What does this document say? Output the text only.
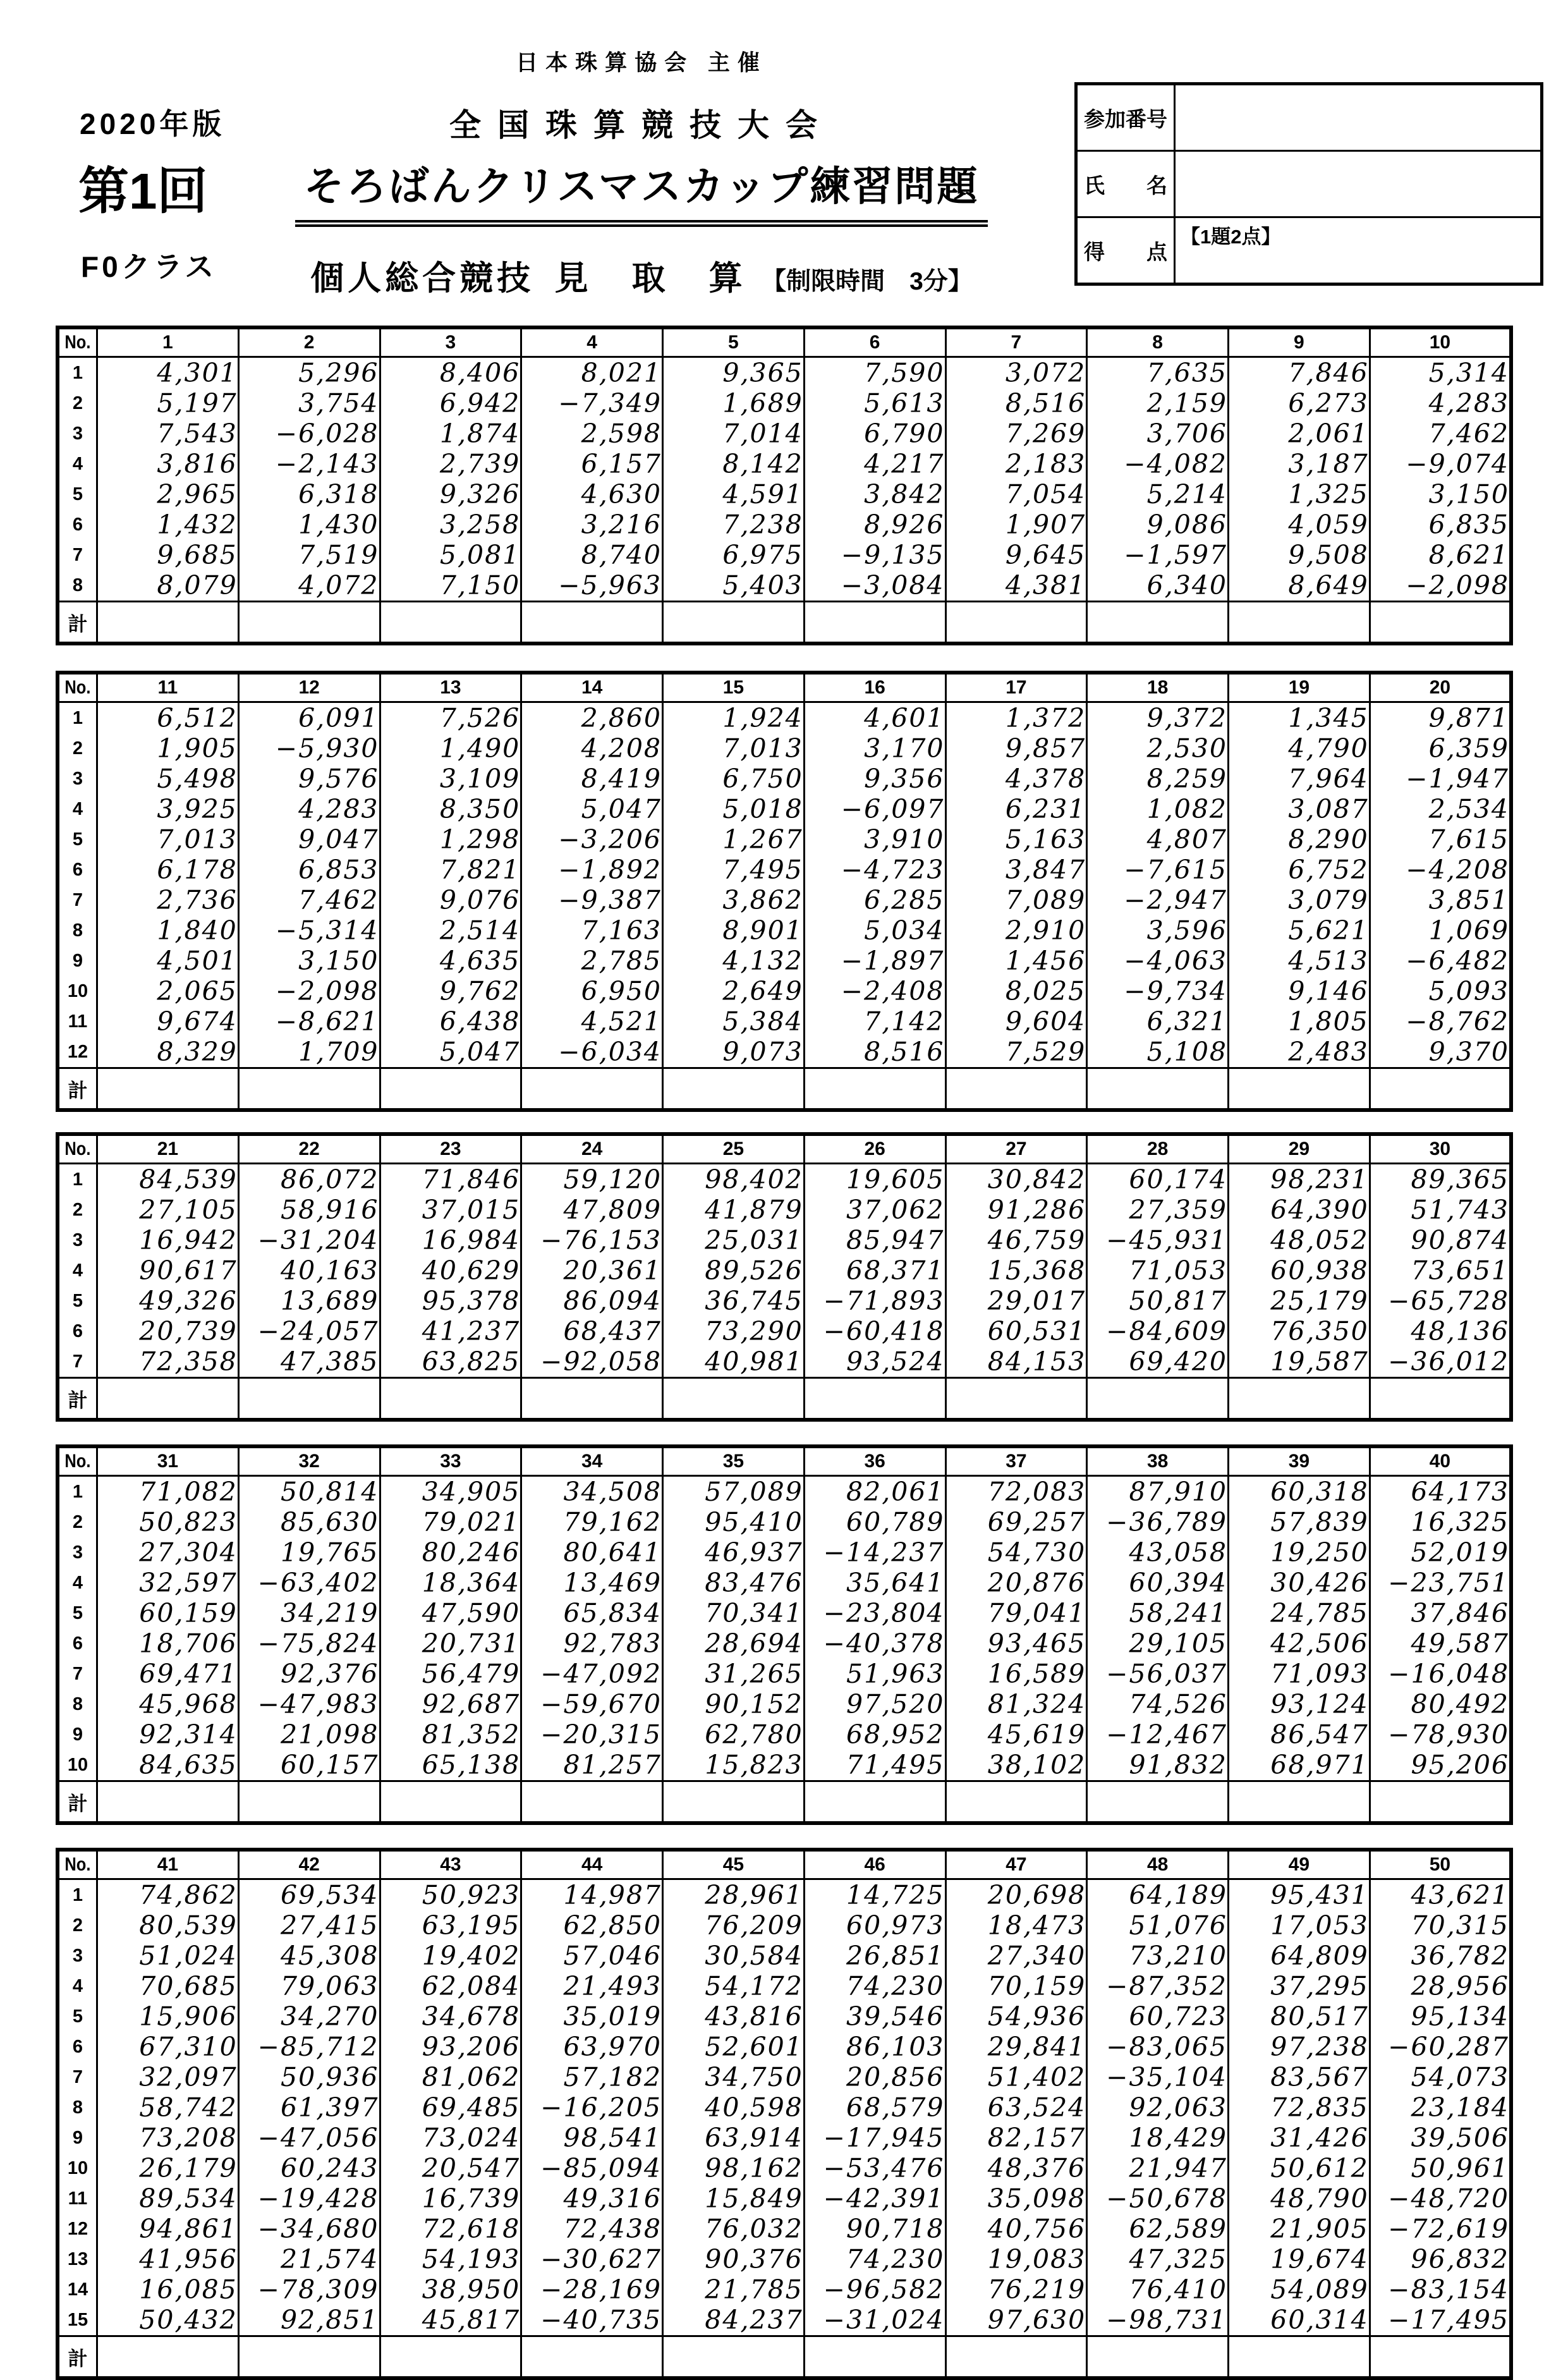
日本珠算協会 主催
2020年版	全国珠算競技大会
第1回	そろばんクリスマスカップ練習問題
F0クラス	個人総合競技 見　取　算 【制限時間　3分】
参加番号
氏　　名
得　　点
【1題2点】
No.	1	2	3	4	5	6	7	8	9	10
1	4,301	5,296	8,406	8,021	9,365	7,590	3,072	7,635	7,846	5,314
2	5,197	3,754	6,942	−7,349	1,689	5,613	8,516	2,159	6,273	4,283
3	7,543	−6,028	1,874	2,598	7,014	6,790	7,269	3,706	2,061	7,462
4	3,816	−2,143	2,739	6,157	8,142	4,217	2,183	−4,082	3,187	−9,074
5	2,965	6,318	9,326	4,630	4,591	3,842	7,054	5,214	1,325	3,150
6	1,432	1,430	3,258	3,216	7,238	8,926	1,907	9,086	4,059	6,835
7	9,685	7,519	5,081	8,740	6,975	−9,135	9,645	−1,597	9,508	8,621
8	8,079	4,072	7,150	−5,963	5,403	−3,084	4,381	6,340	8,649	−2,098
計										
No.	11	12	13	14	15	16	17	18	19	20
1	6,512	6,091	7,526	2,860	1,924	4,601	1,372	9,372	1,345	9,871
2	1,905	−5,930	1,490	4,208	7,013	3,170	9,857	2,530	4,790	6,359
3	5,498	9,576	3,109	8,419	6,750	9,356	4,378	8,259	7,964	−1,947
4	3,925	4,283	8,350	5,047	5,018	−6,097	6,231	1,082	3,087	2,534
5	7,013	9,047	1,298	−3,206	1,267	3,910	5,163	4,807	8,290	7,615
6	6,178	6,853	7,821	−1,892	7,495	−4,723	3,847	−7,615	6,752	−4,208
7	2,736	7,462	9,076	−9,387	3,862	6,285	7,089	−2,947	3,079	3,851
8	1,840	−5,314	2,514	7,163	8,901	5,034	2,910	3,596	5,621	1,069
9	4,501	3,150	4,635	2,785	4,132	−1,897	1,456	−4,063	4,513	−6,482
10	2,065	−2,098	9,762	6,950	2,649	−2,408	8,025	−9,734	9,146	5,093
11	9,674	−8,621	6,438	4,521	5,384	7,142	9,604	6,321	1,805	−8,762
12	8,329	1,709	5,047	−6,034	9,073	8,516	7,529	5,108	2,483	9,370
計										
No.	21	22	23	24	25	26	27	28	29	30
1	84,539	86,072	71,846	59,120	98,402	19,605	30,842	60,174	98,231	89,365
2	27,105	58,916	37,015	47,809	41,879	37,062	91,286	27,359	64,390	51,743
3	16,942	−31,204	16,984	−76,153	25,031	85,947	46,759	−45,931	48,052	90,874
4	90,617	40,163	40,629	20,361	89,526	68,371	15,368	71,053	60,938	73,651
5	49,326	13,689	95,378	86,094	36,745	−71,893	29,017	50,817	25,179	−65,728
6	20,739	−24,057	41,237	68,437	73,290	−60,418	60,531	−84,609	76,350	48,136
7	72,358	47,385	63,825	−92,058	40,981	93,524	84,153	69,420	19,587	−36,012
計										
No.	31	32	33	34	35	36	37	38	39	40
1	71,082	50,814	34,905	34,508	57,089	82,061	72,083	87,910	60,318	64,173
2	50,823	85,630	79,021	79,162	95,410	60,789	69,257	−36,789	57,839	16,325
3	27,304	19,765	80,246	80,641	46,937	−14,237	54,730	43,058	19,250	52,019
4	32,597	−63,402	18,364	13,469	83,476	35,641	20,876	60,394	30,426	−23,751
5	60,159	34,219	47,590	65,834	70,341	−23,804	79,041	58,241	24,785	37,846
6	18,706	−75,824	20,731	92,783	28,694	−40,378	93,465	29,105	42,506	49,587
7	69,471	92,376	56,479	−47,092	31,265	51,963	16,589	−56,037	71,093	−16,048
8	45,968	−47,983	92,687	−59,670	90,152	97,520	81,324	74,526	93,124	80,492
9	92,314	21,098	81,352	−20,315	62,780	68,952	45,619	−12,467	86,547	−78,930
10	84,635	60,157	65,138	81,257	15,823	71,495	38,102	91,832	68,971	95,206
計										
No.	41	42	43	44	45	46	47	48	49	50
1	74,862	69,534	50,923	14,987	28,961	14,725	20,698	64,189	95,431	43,621
2	80,539	27,415	63,195	62,850	76,209	60,973	18,473	51,076	17,053	70,315
3	51,024	45,308	19,402	57,046	30,584	26,851	27,340	73,210	64,809	36,782
4	70,685	79,063	62,084	21,493	54,172	74,230	70,159	−87,352	37,295	28,956
5	15,906	34,270	34,678	35,019	43,816	39,546	54,936	60,723	80,517	95,134
6	67,310	−85,712	93,206	63,970	52,601	86,103	29,841	−83,065	97,238	−60,287
7	32,097	50,936	81,062	57,182	34,750	20,856	51,402	−35,104	83,567	54,073
8	58,742	61,397	69,485	−16,205	40,598	68,579	63,524	92,063	72,835	23,184
9	73,208	−47,056	73,024	98,541	63,914	−17,945	82,157	18,429	31,426	39,506
10	26,179	60,243	20,547	−85,094	98,162	−53,476	48,376	21,947	50,612	50,961
11	89,534	−19,428	16,739	49,316	15,849	−42,391	35,098	−50,678	48,790	−48,720
12	94,861	−34,680	72,618	72,438	76,032	90,718	40,756	62,589	21,905	−72,619
13	41,956	21,574	54,193	−30,627	90,376	74,230	19,083	47,325	19,674	96,832
14	16,085	−78,309	38,950	−28,169	21,785	−96,582	76,219	76,410	54,089	−83,154
15	50,432	92,851	45,817	−40,735	84,237	−31,024	97,630	−98,731	60,314	−17,495
計										
